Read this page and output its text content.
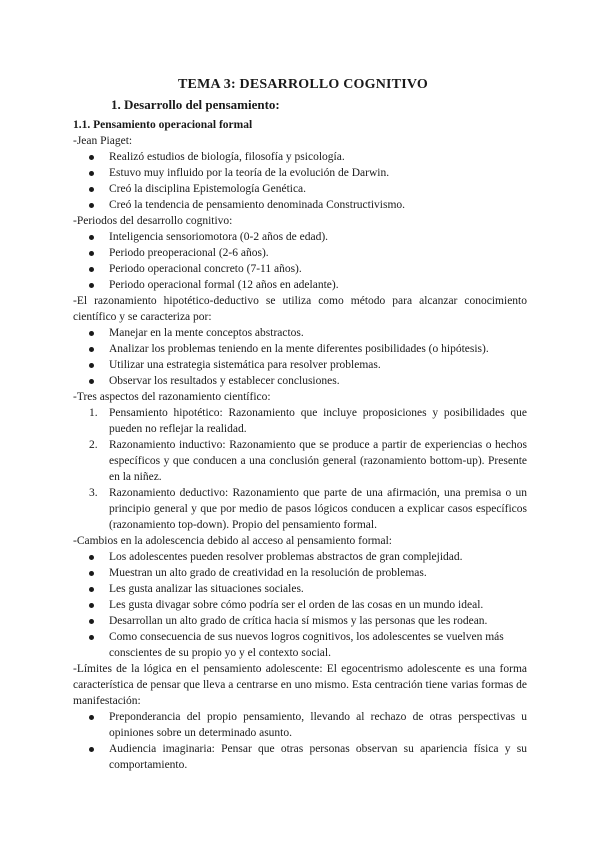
TEMA 3: DESARROLLO COGNITIVO
1. Desarrollo del pensamiento:
1.1. Pensamiento operacional formal

-Jean Piaget:

Realizó estudios de biología, filosofía y psicología.
Estuvo muy influido por la teoría de la evolución de Darwin.
Creó la disciplina Epistemología Genética.
Creó la tendencia de pensamiento denominada Constructivismo.

-Periodos del desarrollo cognitivo:

Inteligencia sensoriomotora (0-2 años de edad).
Periodo preoperacional (2-6 años).
Periodo operacional concreto (7-11 años).
Periodo operacional formal (12 años en adelante).

-El razonamiento hipotético-deductivo se utiliza como método para alcanzar conocimiento científico y se caracteriza por:

Manejar en la mente conceptos abstractos.
Analizar los problemas teniendo en la mente diferentes posibilidades (o hipótesis).
Utilizar una estrategia sistemática para resolver problemas.
Observar los resultados y establecer conclusiones.

-Tres aspectos del razonamiento científico:

1. Pensamiento hipotético: Razonamiento que incluye proposiciones y posibilidades que pueden no reflejar la realidad.
2. Razonamiento inductivo: Razonamiento que se produce a partir de experiencias o hechos específicos y que conducen a una conclusión general (razonamiento bottom-up). Presente en la niñez.
3. Razonamiento deductivo: Razonamiento que parte de una afirmación, una premisa o un principio general y que por medio de pasos lógicos conducen a explicar casos específicos (razonamiento top-down). Propio del pensamiento formal.

-Cambios en la adolescencia debido al acceso al pensamiento formal:

Los adolescentes pueden resolver problemas abstractos de gran complejidad.
Muestran un alto grado de creatividad en la resolución de problemas.
Les gusta analizar las situaciones sociales.
Les gusta divagar sobre cómo podría ser el orden de las cosas en un mundo ideal.
Desarrollan un alto grado de crítica hacia sí mismos y las personas que les rodean.
Como consecuencia de sus nuevos logros cognitivos, los adolescentes se vuelven más conscientes de su propio yo y el contexto social.

-Límites de la lógica en el pensamiento adolescente: El egocentrismo adolescente es una forma característica de pensar que lleva a centrarse en uno mismo. Esta centración tiene varias formas de manifestación:

Preponderancia del propio pensamiento, llevando al rechazo de otras perspectivas u opiniones sobre un determinado asunto.
Audiencia imaginaria: Pensar que otras personas observan su apariencia física y su comportamiento.
